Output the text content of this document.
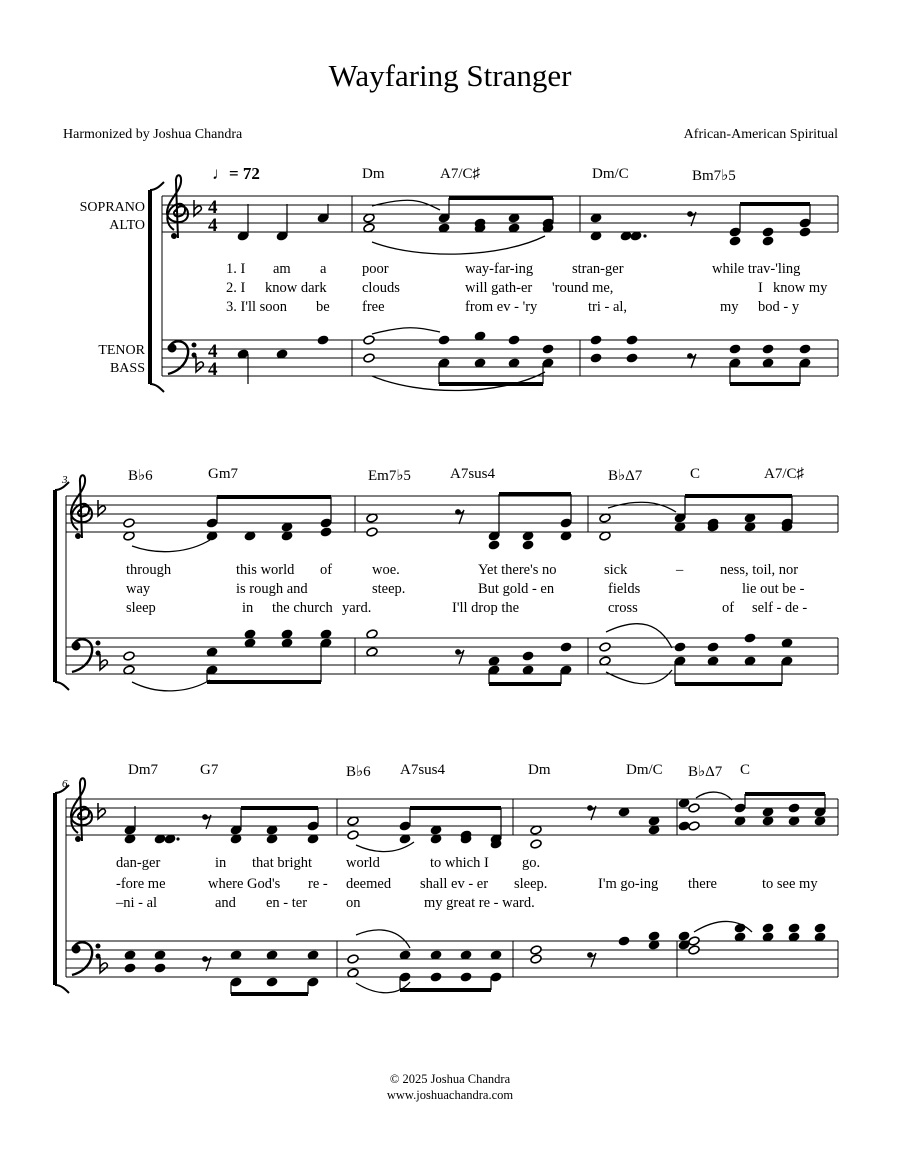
4
4
4
4
Wayfaring Stranger
Harmonized by Joshua Chandra	African-American Spiritual
♩= 72
SOPRANO
ALTO
TENOR
BASS
3
6
Dm	A7/C♯	Dm/C	Bm7♭5
B♭6	Gm7	Em7♭5	A7sus4	B♭Δ7	C	A7/C♯
Dm7	G7	B♭6 A7sus4	Dm	Dm/C B♭Δ7 C
1. I am a poor	way-far-ing	stran-ger	while trav-'ling
2. I know dark clouds	will gath-er 'round me,	I know my
3. I'll soon be free	from ev - 'ry	tri - al,	my bod - y
through	this world of	woe.	Yet there's no	sick	–	ness, toil, nor
way	is rough and	steep.	But gold - en	fields	lie out be -
sleep	in the church yard.	I'll drop the	cross	of self - de -
dan-ger	in that bright world	to which I go.
-fore me	where God's re - deemed shall ev - er sleep.	I'm go-ing there	to see my
–ni - al	and en - ter	on	my great re - ward.
© 2025 Joshua Chandra
www.joshuachandra.com
